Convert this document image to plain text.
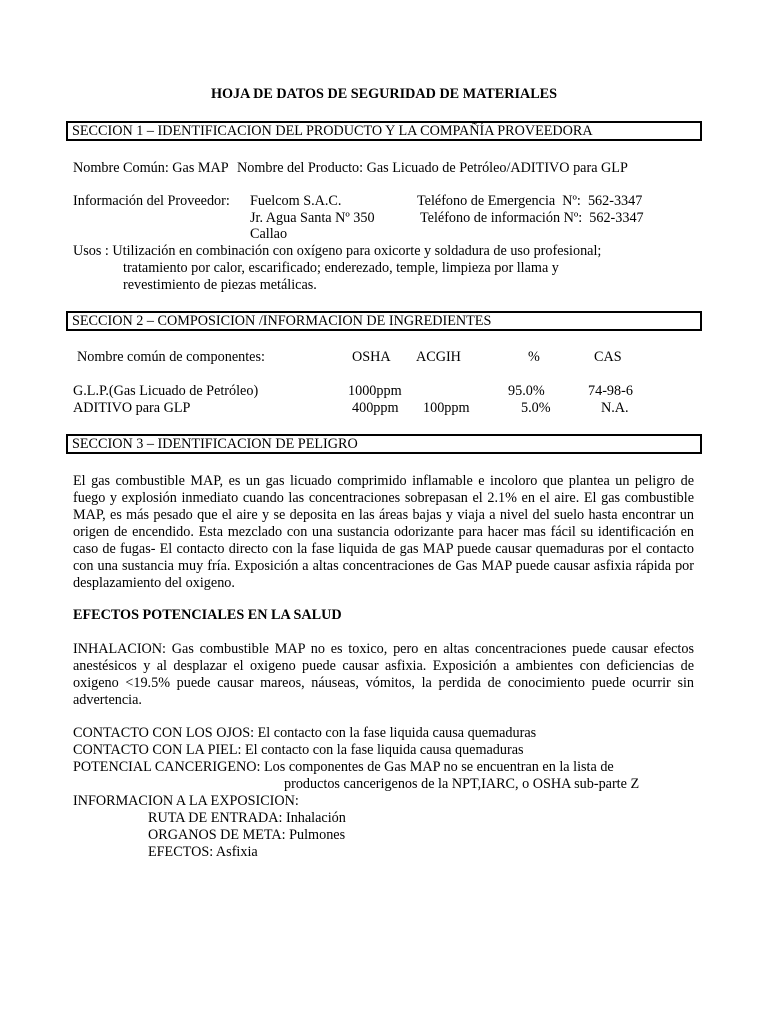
HOJA DE DATOS DE SEGURIDAD DE MATERIALES
SECCION 1 – IDENTIFICACION DEL PRODUCTO Y LA COMPAÑÍA PROVEEDORA
Nombre Común: Gas MAP Nombre del Producto: Gas Licuado de Petróleo/ADITIVO para GLP
Información del Proveedor: Fuelcom S.A.C.
Jr. Agua Santa Nº 350
Callao
Teléfono de Emergencia  Nº:  562-3347
Teléfono de información Nº:  562-3347
Usos : Utilización en combinación con oxígeno para oxicorte y soldadura de uso profesional;
tratamiento por calor, escarificado; enderezado, temple, limpieza por llama y
revestimiento de piezas metálicas.
SECCION 2 – COMPOSICION /INFORMACION DE INGREDIENTES
Nombre común de componentes:	OSHA ACGIH	%	CAS
G.L.P.(Gas Licuado de Petróleo)	1000ppm	95.0%	74-98-6
ADITIVO para GLP	400ppm 100ppm	5.0%	N.A.
SECCION 3 – IDENTIFICACION DE PELIGRO
El gas combustible MAP, es un gas licuado comprimido inflamable e incoloro que plantea un peligro de fuego y explosión inmediato cuando las concentraciones sobrepasan el 2.1% en el aire. El gas combustible MAP, es más pesado que el aire y se deposita en las áreas bajas y viaja a nivel del suelo hasta encontrar un origen de encendido. Esta mezclado con una sustancia odorizante para hacer mas fácil su identificación en caso de fugas- El contacto directo con la fase liquida de gas MAP puede causar quemaduras por el contacto con una sustancia muy fría. Exposición a altas concentraciones de Gas MAP puede causar asfixia rápida por desplazamiento del oxigeno.
EFECTOS POTENCIALES EN LA SALUD
INHALACION: Gas combustible MAP no es toxico, pero en altas concentraciones puede causar efectos anestésicos y al desplazar el oxigeno puede causar asfixia. Exposición a ambientes con deficiencias de oxigeno <19.5% puede causar mareos, náuseas, vómitos, la perdida de conocimiento puede ocurrir sin advertencia.
CONTACTO CON LOS OJOS: El contacto con la fase liquida causa quemaduras
CONTACTO CON LA PIEL: El contacto con la fase liquida causa quemaduras
POTENCIAL CANCERIGENO: Los componentes de Gas MAP no se encuentran en la lista de
productos cancerigenos de la NPT,IARC, o OSHA sub-parte Z
INFORMACION A LA EXPOSICION:
RUTA DE ENTRADA: Inhalación
ORGANOS DE META: Pulmones
EFECTOS: Asfixia
